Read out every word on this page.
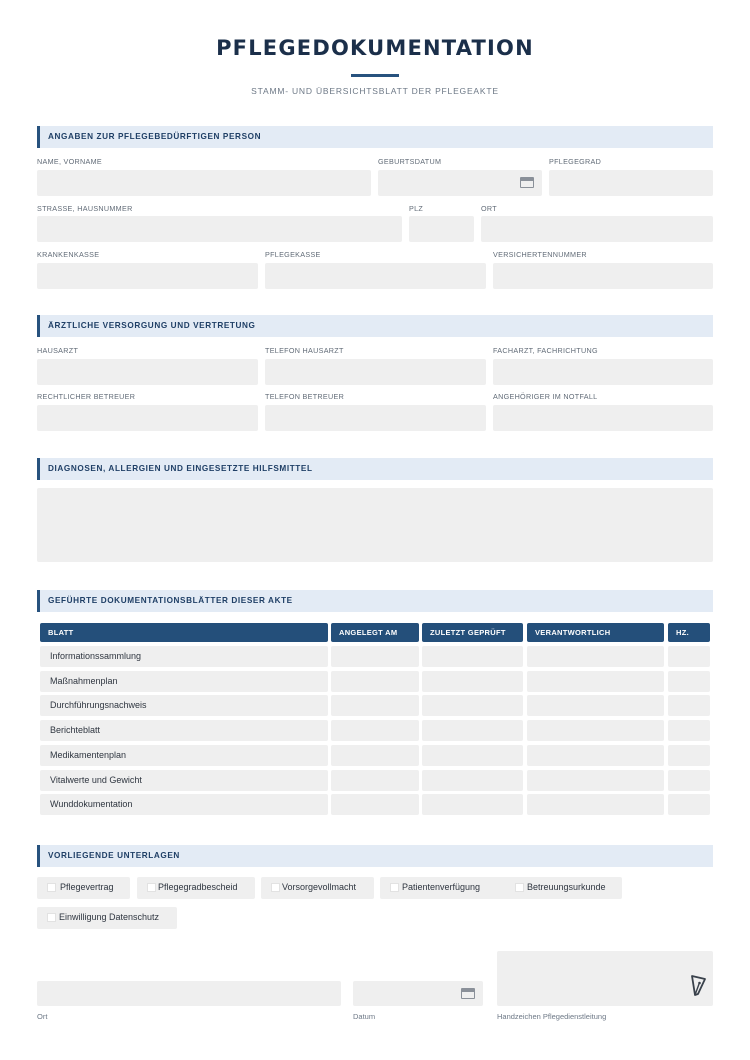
PFLEGEDOKUMENTATION
STAMM- UND ÜBERSICHTSBLATT DER PFLEGEAKTE
ANGABEN ZUR PFLEGEBEDÜRFTIGEN PERSON
NAME, VORNAME	GEBURTSDATUM	PFLEGEGRAD
STRASSE, HAUSNUMMER	PLZ	ORT
KRANKENKASSE	PFLEGEKASSE	VERSICHERTENNUMMER
ÄRZTLICHE VERSORGUNG UND VERTRETUNG
HAUSARZT	TELEFON HAUSARZT	FACHARZT, FACHRICHTUNG
RECHTLICHER BETREUER	TELEFON BETREUER	ANGEHÖRIGER IM NOTFALL
DIAGNOSEN, ALLERGIEN UND EINGESETZTE HILFSMITTEL
GEFÜHRTE DOKUMENTATIONSBLÄTTER DIESER AKTE
BLATT	ANGELEGT AM	ZULETZT GEPRÜFT	VERANTWORTLICH	HZ.
Informationssammlung
Maßnahmenplan
Durchführungsnachweis
Berichteblatt
Medikamentenplan
Vitalwerte und Gewicht
Wunddokumentation
VORLIEGENDE UNTERLAGEN
Pflegevertrag	Pflegegradbescheid	Vorsorgevollmacht	Patientenverfügung	Betreuungsurkunde
Einwilligung Datenschutz
Ort	Datum	Handzeichen Pflegedienstleitung
